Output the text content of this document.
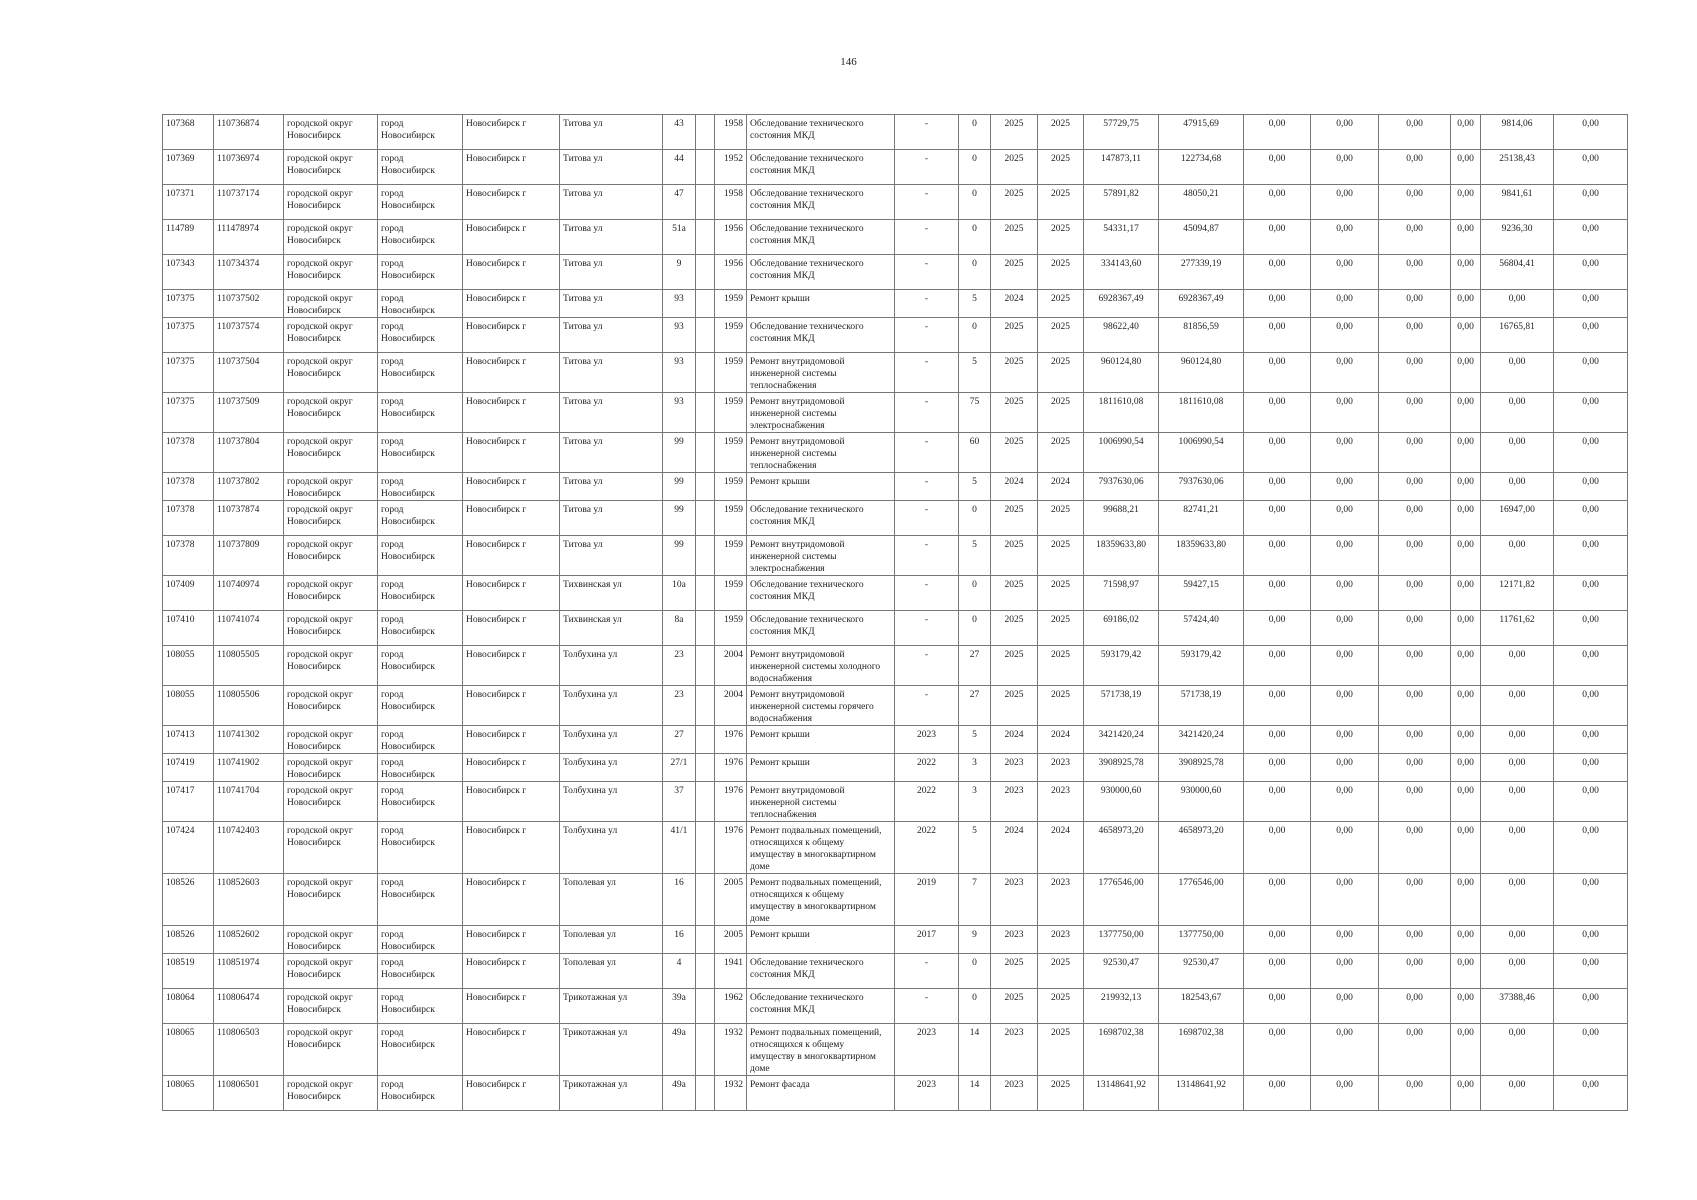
146
107368	110736874	городской округ Новосибирск	город Новосибирск	Новосибирск г	Титова ул	43		1958	Обследование технического состояния МКД	-	0	2025	2025	57729,75	47915,69	0,00	0,00	0,00	0,00	9814,06	0,00
107369	110736974	городской округ Новосибирск	город Новосибирск	Новосибирск г	Титова ул	44		1952	Обследование технического состояния МКД	-	0	2025	2025	147873,11	122734,68	0,00	0,00	0,00	0,00	25138,43	0,00
107371	110737174	городской округ Новосибирск	город Новосибирск	Новосибирск г	Титова ул	47		1958	Обследование технического состояния МКД	-	0	2025	2025	57891,82	48050,21	0,00	0,00	0,00	0,00	9841,61	0,00
114789	111478974	городской округ Новосибирск	город Новосибирск	Новосибирск г	Титова ул	51а		1956	Обследование технического состояния МКД	-	0	2025	2025	54331,17	45094,87	0,00	0,00	0,00	0,00	9236,30	0,00
107343	110734374	городской округ Новосибирск	город Новосибирск	Новосибирск г	Титова ул	9		1956	Обследование технического состояния МКД	-	0	2025	2025	334143,60	277339,19	0,00	0,00	0,00	0,00	56804,41	0,00
107375	110737502	городской округ Новосибирск	город Новосибирск	Новосибирск г	Титова ул	93		1959	Ремонт крыши	-	5	2024	2025	6928367,49	6928367,49	0,00	0,00	0,00	0,00	0,00	0,00
107375	110737574	городской округ Новосибирск	город Новосибирск	Новосибирск г	Титова ул	93		1959	Обследование технического состояния МКД	-	0	2025	2025	98622,40	81856,59	0,00	0,00	0,00	0,00	16765,81	0,00
107375	110737504	городской округ Новосибирск	город Новосибирск	Новосибирск г	Титова ул	93		1959	Ремонт внутридомовой инженерной системы теплоснабжения	-	5	2025	2025	960124,80	960124,80	0,00	0,00	0,00	0,00	0,00	0,00
107375	110737509	городской округ Новосибирск	город Новосибирск	Новосибирск г	Титова ул	93		1959	Ремонт внутридомовой инженерной системы электроснабжения	-	75	2025	2025	1811610,08	1811610,08	0,00	0,00	0,00	0,00	0,00	0,00
107378	110737804	городской округ Новосибирск	город Новосибирск	Новосибирск г	Титова ул	99		1959	Ремонт внутридомовой инженерной системы теплоснабжения	-	60	2025	2025	1006990,54	1006990,54	0,00	0,00	0,00	0,00	0,00	0,00
107378	110737802	городской округ Новосибирск	город Новосибирск	Новосибирск г	Титова ул	99		1959	Ремонт крыши	-	5	2024	2024	7937630,06	7937630,06	0,00	0,00	0,00	0,00	0,00	0,00
107378	110737874	городской округ Новосибирск	город Новосибирск	Новосибирск г	Титова ул	99		1959	Обследование технического состояния МКД	-	0	2025	2025	99688,21	82741,21	0,00	0,00	0,00	0,00	16947,00	0,00
107378	110737809	городской округ Новосибирск	город Новосибирск	Новосибирск г	Титова ул	99		1959	Ремонт внутридомовой инженерной системы электроснабжения	-	5	2025	2025	18359633,80	18359633,80	0,00	0,00	0,00	0,00	0,00	0,00
107409	110740974	городской округ Новосибирск	город Новосибирск	Новосибирск г	Тихвинская ул	10а		1959	Обследование технического состояния МКД	-	0	2025	2025	71598,97	59427,15	0,00	0,00	0,00	0,00	12171,82	0,00
107410	110741074	городской округ Новосибирск	город Новосибирск	Новосибирск г	Тихвинская ул	8а		1959	Обследование технического состояния МКД	-	0	2025	2025	69186,02	57424,40	0,00	0,00	0,00	0,00	11761,62	0,00
108055	110805505	городской округ Новосибирск	город Новосибирск	Новосибирск г	Толбухина ул	23		2004	Ремонт внутридомовой инженерной системы холодного водоснабжения	-	27	2025	2025	593179,42	593179,42	0,00	0,00	0,00	0,00	0,00	0,00
108055	110805506	городской округ Новосибирск	город Новосибирск	Новосибирск г	Толбухина ул	23		2004	Ремонт внутридомовой инженерной системы горячего водоснабжения	-	27	2025	2025	571738,19	571738,19	0,00	0,00	0,00	0,00	0,00	0,00
107413	110741302	городской округ Новосибирск	город Новосибирск	Новосибирск г	Толбухина ул	27		1976	Ремонт крыши	2023	5	2024	2024	3421420,24	3421420,24	0,00	0,00	0,00	0,00	0,00	0,00
107419	110741902	городской округ Новосибирск	город Новосибирск	Новосибирск г	Толбухина ул	27/1		1976	Ремонт крыши	2022	3	2023	2023	3908925,78	3908925,78	0,00	0,00	0,00	0,00	0,00	0,00
107417	110741704	городской округ Новосибирск	город Новосибирск	Новосибирск г	Толбухина ул	37		1976	Ремонт внутридомовой инженерной системы теплоснабжения	2022	3	2023	2023	930000,60	930000,60	0,00	0,00	0,00	0,00	0,00	0,00
107424	110742403	городской округ Новосибирск	город Новосибирск	Новосибирск г	Толбухина ул	41/1		1976	Ремонт подвальных помещений, относящихся к общему имуществу в многоквартирном доме	2022	5	2024	2024	4658973,20	4658973,20	0,00	0,00	0,00	0,00	0,00	0,00
108526	110852603	городской округ Новосибирск	город Новосибирск	Новосибирск г	Тополевая ул	16		2005	Ремонт подвальных помещений, относящихся к общему имуществу в многоквартирном доме	2019	7	2023	2023	1776546,00	1776546,00	0,00	0,00	0,00	0,00	0,00	0,00
108526	110852602	городской округ Новосибирск	город Новосибирск	Новосибирск г	Тополевая ул	16		2005	Ремонт крыши	2017	9	2023	2023	1377750,00	1377750,00	0,00	0,00	0,00	0,00	0,00	0,00
108519	110851974	городской округ Новосибирск	город Новосибирск	Новосибирск г	Тополевая ул	4		1941	Обследование технического состояния МКД	-	0	2025	2025	92530,47	92530,47	0,00	0,00	0,00	0,00	0,00	0,00
108064	110806474	городской округ Новосибирск	город Новосибирск	Новосибирск г	Трикотажная ул	39а		1962	Обследование технического состояния МКД	-	0	2025	2025	219932,13	182543,67	0,00	0,00	0,00	0,00	37388,46	0,00
108065	110806503	городской округ Новосибирск	город Новосибирск	Новосибирск г	Трикотажная ул	49а		1932	Ремонт подвальных помещений, относящихся к общему имуществу в многоквартирном доме	2023	14	2023	2025	1698702,38	1698702,38	0,00	0,00	0,00	0,00	0,00	0,00
108065	110806501	городской округ Новосибирск	город Новосибирск	Новосибирск г	Трикотажная ул	49а		1932	Ремонт фасада	2023	14	2023	2025	13148641,92	13148641,92	0,00	0,00	0,00	0,00	0,00	0,00
